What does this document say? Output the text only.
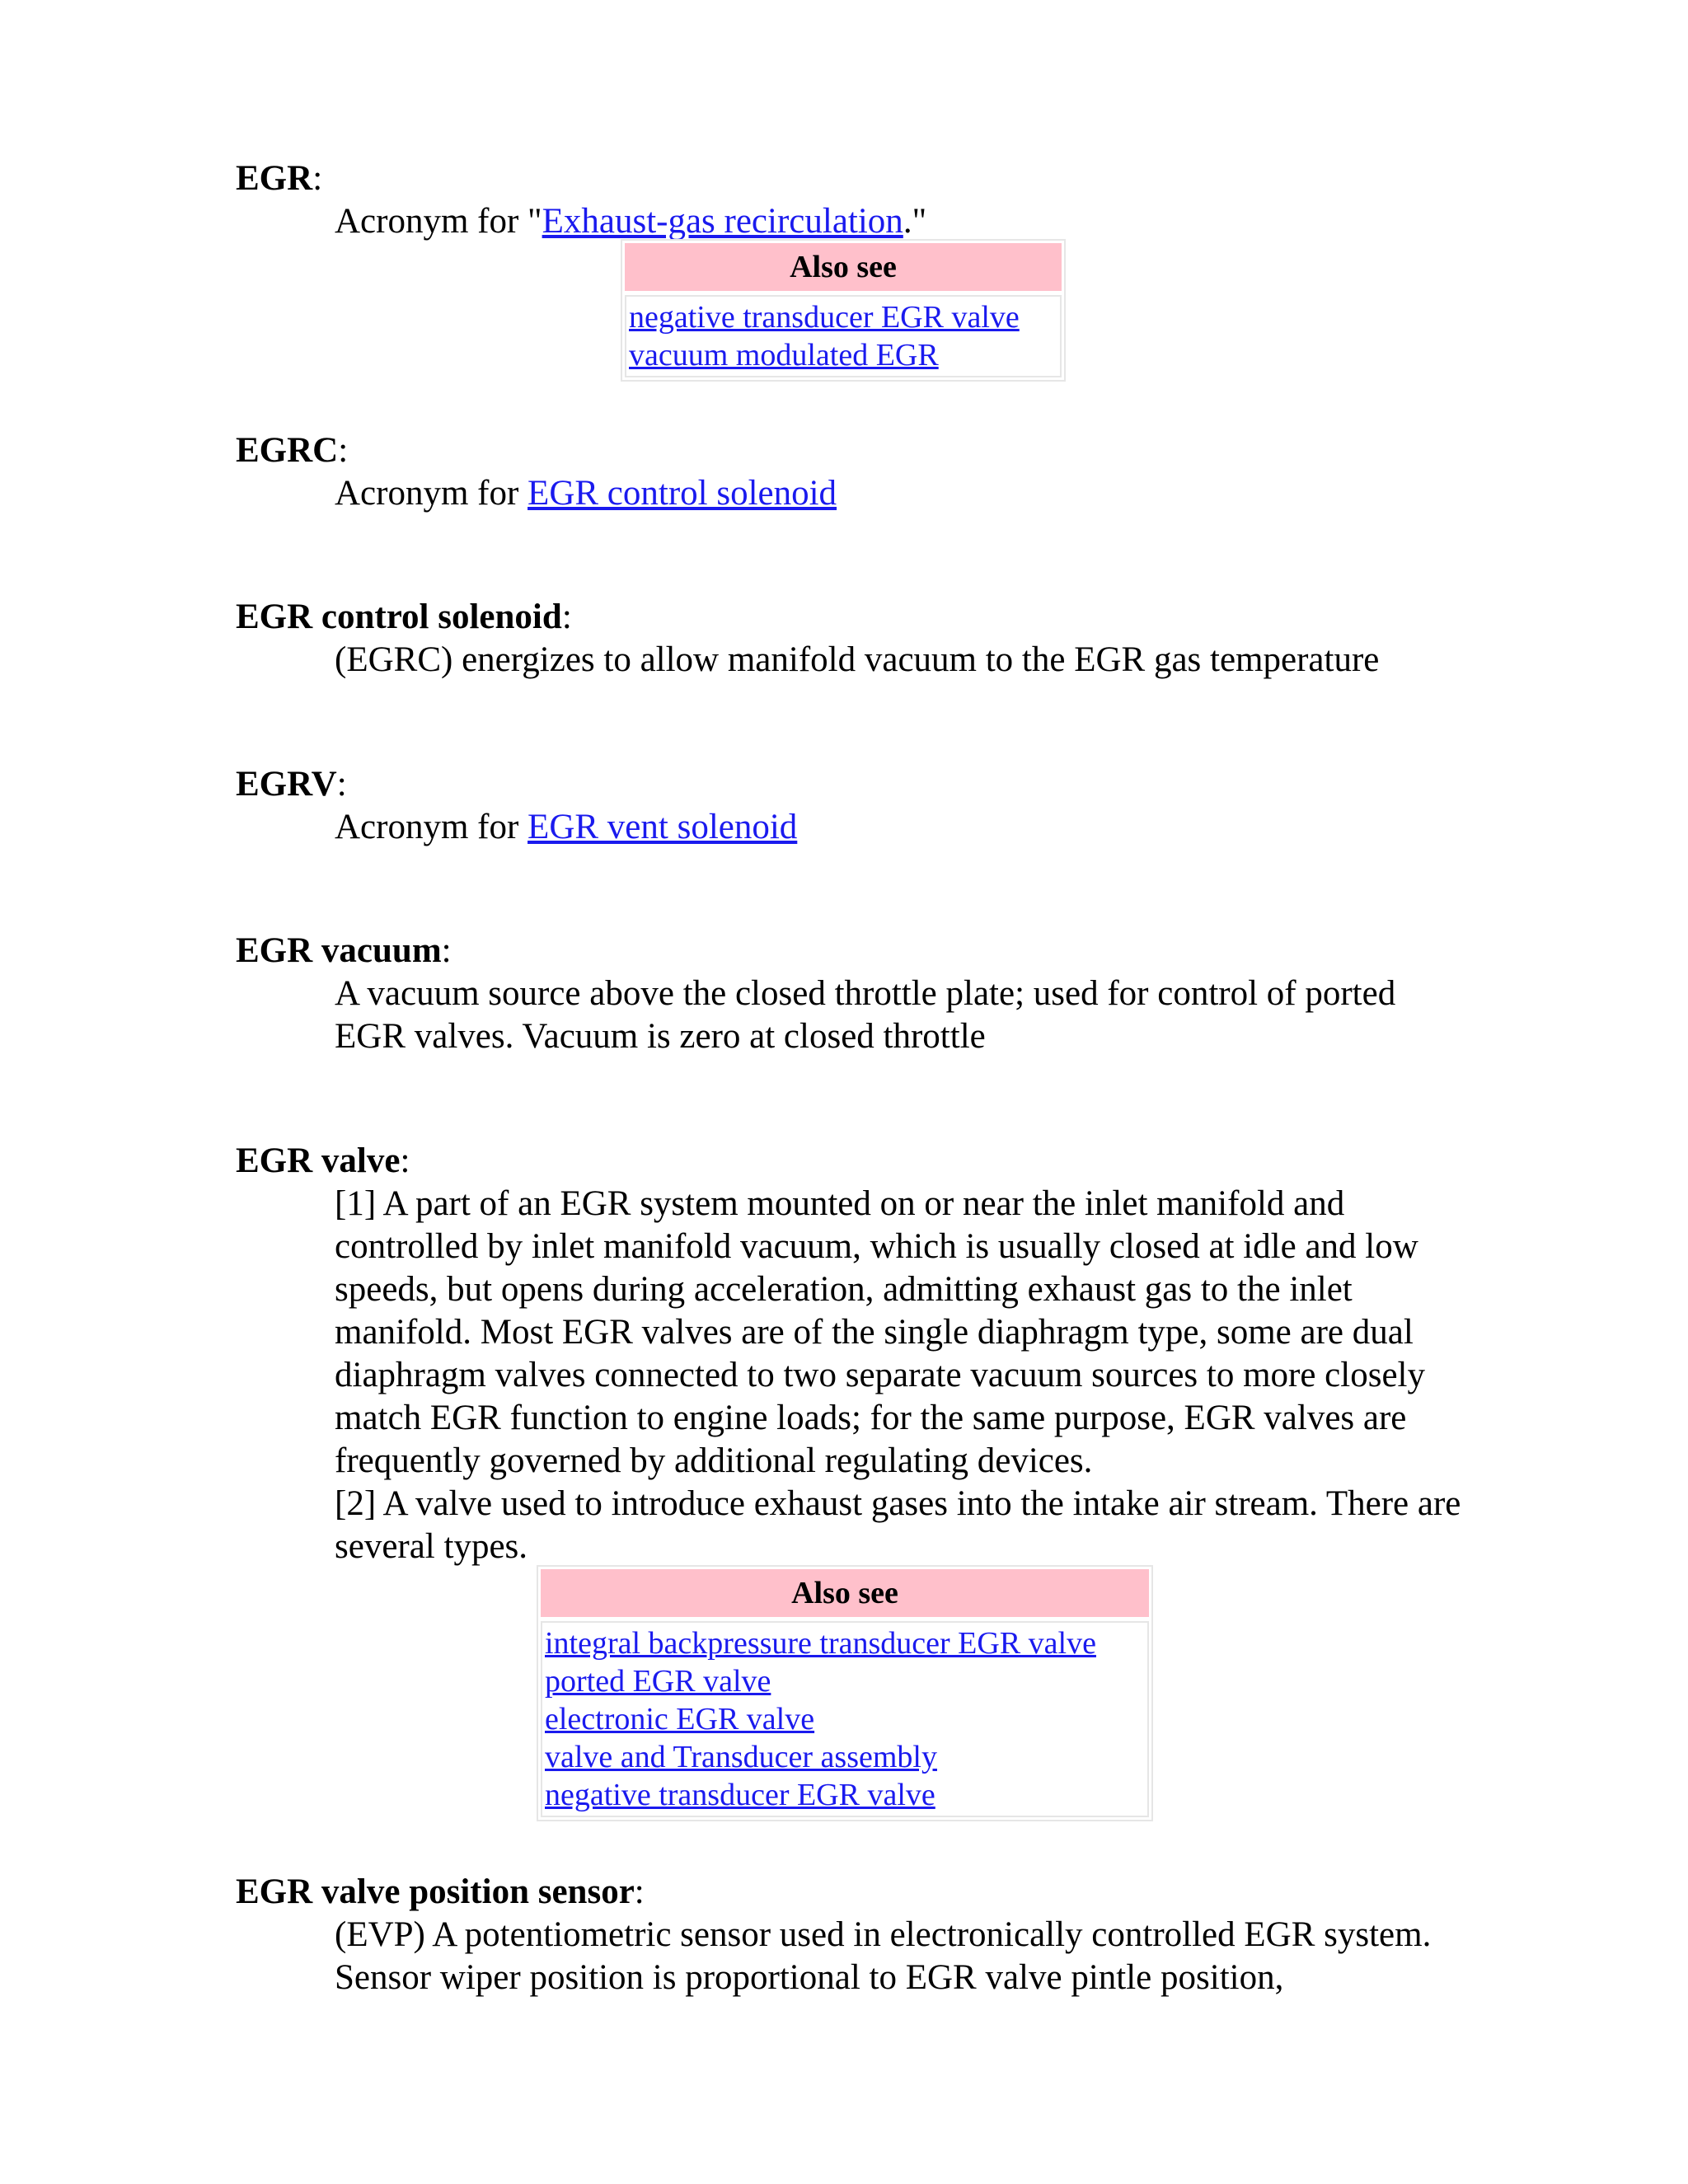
EGR:
Acronym for "Exhaust-gas recirculation."
Also see
negative transducer EGR valve
vacuum modulated EGR
EGRC:
Acronym for EGR control solenoid
EGR control solenoid:
(EGRC) energizes to allow manifold vacuum to the EGR gas temperature
EGRV:
Acronym for EGR vent solenoid
EGR vacuum:
A vacuum source above the closed throttle plate; used for control of ported EGR valves. Vacuum is zero at closed throttle
EGR valve:
[1] A part of an EGR system mounted on or near the inlet manifold and controlled by inlet manifold vacuum, which is usually closed at idle and low speeds, but opens during acceleration, admitting exhaust gas to the inlet manifold. Most EGR valves are of the single diaphragm type, some are dual diaphragm valves connected to two separate vacuum sources to more closely match EGR function to engine loads; for the same purpose, EGR valves are frequently governed by additional regulating devices.
[2] A valve used to introduce exhaust gases into the intake air stream. There are several types.
Also see
integral backpressure transducer EGR valve
ported EGR valve
electronic EGR valve
valve and Transducer assembly
negative transducer EGR valve
EGR valve position sensor:
(EVP) A potentiometric sensor used in electronically controlled EGR system. Sensor wiper position is proportional to EGR valve pintle position,
